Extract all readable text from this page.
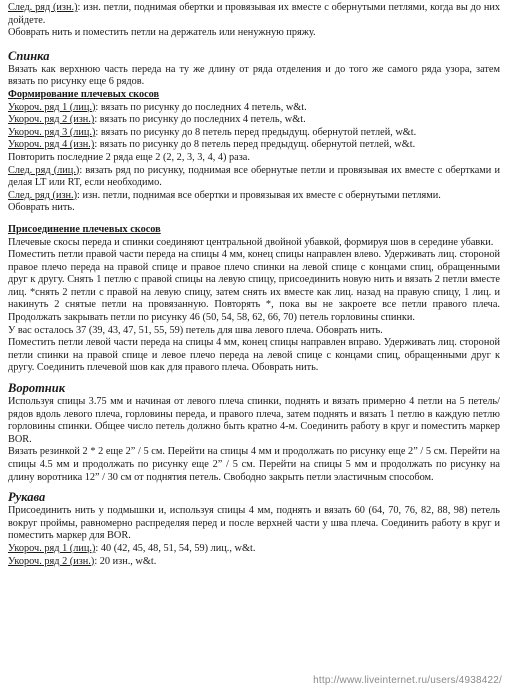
След. ряд (изн.): изн. петли, поднимая обертки и провязывая их вместе с обернутыми петлями, когда вы до них дойдете.

Обоврать нить и поместить петли на держатель или ненужную пряжу.

Спинка

Вязать как верхнюю часть переда на ту же длину от ряда отделения и до того же самого ряда узора, затем вязать по рисунку еще 6 рядов.

Формирование плечевых скосов

Укороч. ряд 1 (лиц.): вязать по рисунку до последних 4 петель, w&t.

Укороч. ряд 2 (изн.): вязать по рисунку до последних 4 петель, w&t.

Укороч. ряд 3 (лиц.): вязать по рисунку до 8 петель перед предыдущ. обернутой петлей, w&t.

Укороч. ряд 4 (изн.): вязать по рисунку до 8 петель перед предыдущ. обернутой петлей, w&t.

Повторить последние 2 ряда еще 2 (2, 2, 3, 3, 4, 4) раза.

След. ряд (лиц.): вязать ряд по рисунку, поднимая все обернутые петли и провязывая их вместе с обертками и делая LT или RT, если необходимо.

След. ряд (изн.): изн. петли, поднимая все обертки и провязывая их вместе с обернутыми петлями.

Обоврать нить.

Присоединение плечевых скосов

Плечевые скосы переда и спинки соединяют центральной двойной убавкой, формируя шов в середине убавки.

Поместить петли правой части переда на спицы 4 мм, конец спицы направлен влево. Удерживать лиц. стороной правое плечо переда на правой спице и правое плечо спинки на левой спице с концами спиц, обращенными друг к другу. Снять 1 петлю с правой спицы на левую спицу, присоединить новую нить и вязать 2 петли вместе лиц. *снять 2 петли с правой на левую спицу, затем снять их вместе как лиц. назад на правую спицу, 1 лиц. и накинуть 2 снятые петли на провязанную. Повторять *, пока вы не закроете все петли правого плеча. Продолжать закрывать петли по рисунку 46 (50, 54, 58, 62, 66, 70) петель горловины спинки.

У вас осталось 37 (39, 43, 47, 51, 55, 59) петель для шва левого плеча. Обоврать нить.

Поместить петли левой части переда на спицы 4 мм, конец спицы направлен вправо. Удерживать лиц. стороной петли спинки на правой спице и левое плечо переда на левой спице с концами спиц, обращенными друг к другу. Соединить плечевой шов как для правого плеча. Обоврать нить.

Воротник

Используя спицы 3.75 мм и начиная от левого плеча спинки, поднять и вязать примерно 4 петли на 5 петель/рядов вдоль левого плеча, горловины переда, и правого плеча, затем поднять и вязать 1 петлю в каждую петлю горловины спинки. Общее число петель должно быть кратно 4-м. Соединить работу в круг и поместить маркер BOR.

Вязать резинкой 2 * 2 еще 2” / 5 см. Перейти на спицы 4 мм и продолжать по рисунку еще 2” / 5 см. Перейти на спицы 4.5 мм и продолжать по рисунку еще 2” / 5 см. Перейти на спицы 5 мм и продолжать по рисунку на длину воротника 12” / 30 см от поднятия петель. Свободно закрыть петли эластичным способом.

Рукава

Присоединить нить у подмышки и, используя спицы 4 мм, поднять и вязать 60 (64, 70, 76, 82, 88, 98) петель вокруг проймы, равномерно распределяя перед и после верхней части у шва плеча. Соединить работу в круг и поместить маркер для BOR.

Укороч. ряд 1 (лиц.): 40 (42, 45, 48, 51, 54, 59) лиц., w&t.

Укороч. ряд 2 (изн.): 20 изн., w&t.

http://www.liveinternet.ru/users/4938422/
